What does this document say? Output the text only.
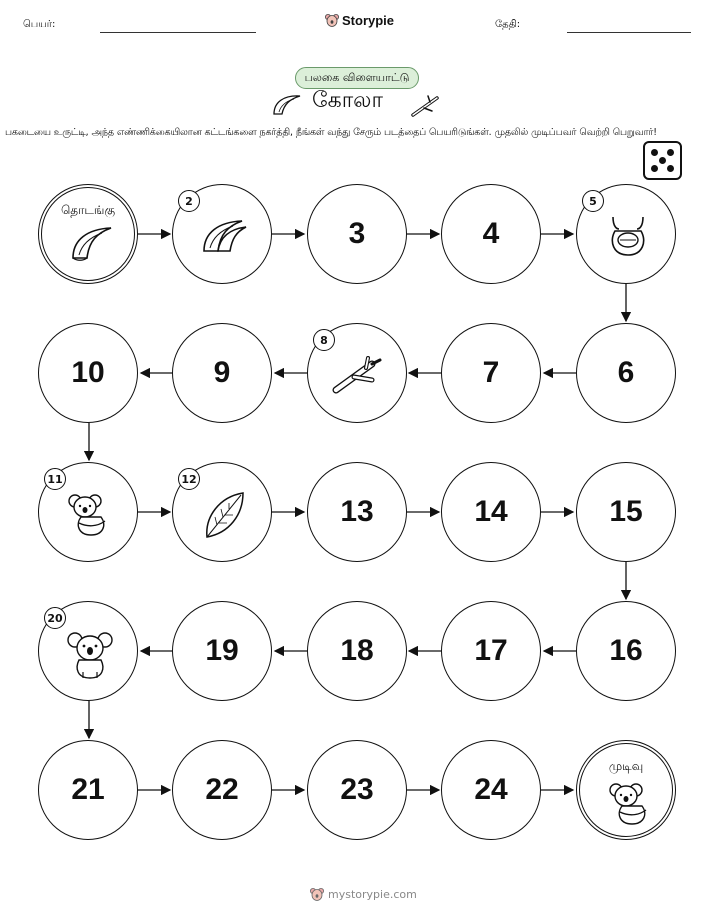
பெயர்:	Storypie	தேதி:
பலகை விளையாட்டு
கோலா
பகடையை உருட்டி, அந்த எண்ணிக்கையிலான கட்டங்களை நகர்த்தி, நீங்கள் வந்து சேரும் படத்தைப் பெயரிடுங்கள். முதலில் முடிப்பவர் வெற்றி பெறுவார்!
தொடங்கு
2
3	4
5
10	9
8
7	6
11	12
13	14	15
20
19	18	17	16
21	22	23	24
முடிவு
mystorypie.com
